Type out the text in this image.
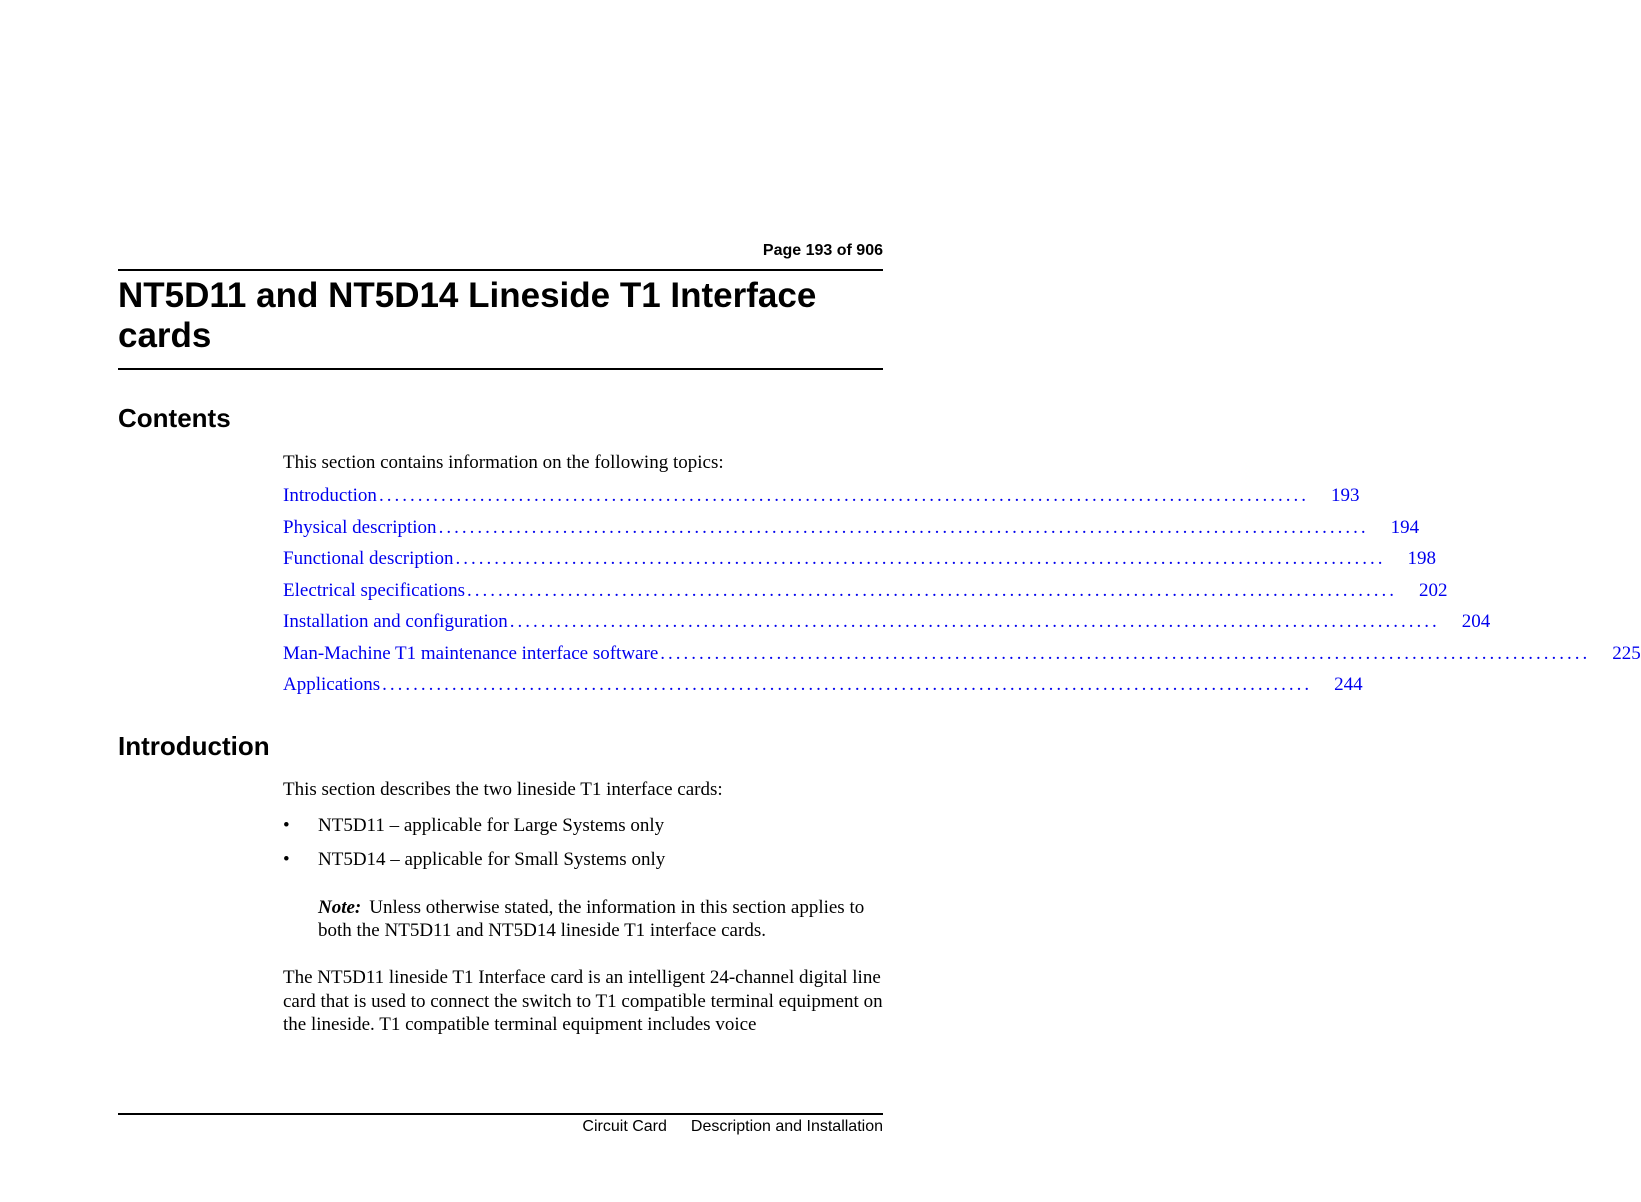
Page 193 of 906
NT5D11 and NT5D14 Lineside T1 Interface cards
Contents

This section contains information on the following topics:

Introduction ........................................................................................................................ 193
Physical description ........................................................................................................................ 194
Functional description ........................................................................................................................ 198
Electrical specifications ........................................................................................................................ 202
Installation and configuration ........................................................................................................................ 204
Man-Machine T1 maintenance interface software ........................................................................................................................ 225
Applications ........................................................................................................................ 244
Introduction

This section describes the two lineside T1 interface cards:

• NT5D11 – applicable for Large Systems only
• NT5D14 – applicable for Small Systems only

Note: Unless otherwise stated, the information in this section applies to both the NT5D11 and NT5D14 lineside T1 interface cards.

The NT5D11 lineside T1 Interface card is an intelligent 24-channel digital line card that is used to connect the switch to T1 compatible terminal equipment on the lineside. T1 compatible terminal equipment includes voice

Circuit Card Description and Installation
